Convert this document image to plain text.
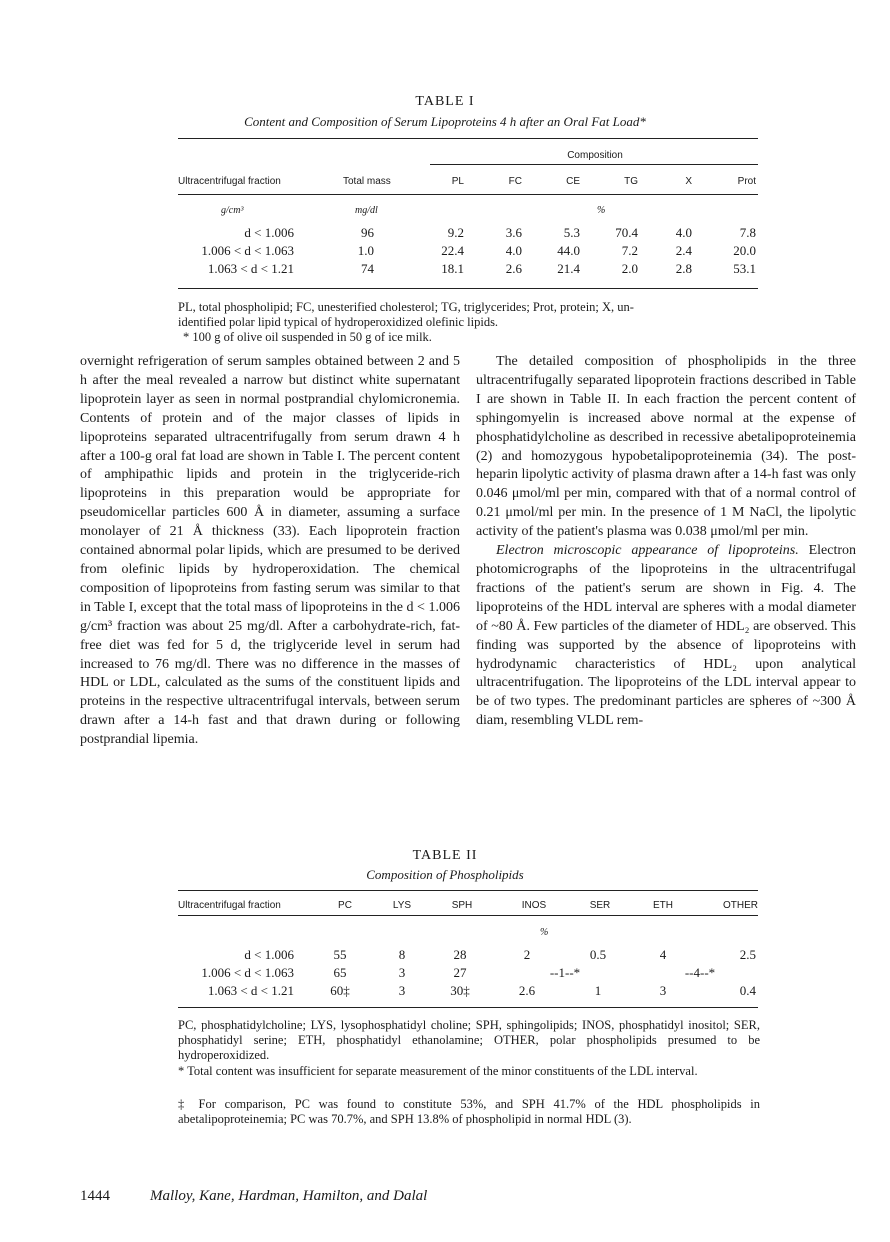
TABLE I
Content and Composition of Serum Lipoproteins 4 h after an Oral Fat Load*
Composition
Ultracentrifugal fraction	Total mass	PL	FC	CE	TG	X	Prot
g/cm³	mg/dl	%
d < 1.006	96	9.2	3.6	5.3	70.4	4.0	7.8
1.006 < d < 1.063	1.0	22.4	4.0	44.0	7.2	2.4	20.0
1.063 < d < 1.21	74	18.1	2.6	21.4	2.0	2.8	53.1
PL, total phospholipid; FC, unesterified cholesterol; TG, triglycerides; Prot, protein; X, un-
identified polar lipid typical of hydroperoxidized olefinic lipids.
* 100 g of olive oil suspended in 50 g of ice milk.

overnight refrigeration of serum samples obtained between 2 and 5 h after the meal revealed a narrow but distinct white supernatant lipoprotein layer as seen in normal postprandial chylomicronemia. Contents of protein and of the major classes of lipids in lipoproteins separated ultracentrifugally from serum drawn 4 h after a 100-g oral fat load are shown in Table I. The percent content of amphipathic lipids and protein in the triglyceride-rich lipoproteins in this preparation would be appropriate for pseudomicellar particles 600 Å in diameter, assuming a surface monolayer of 21 Å thickness (33). Each lipoprotein fraction contained abnormal polar lipids, which are presumed to be derived from olefinic lipids by hydroperoxidation. The chemical composition of lipoproteins from fasting serum was similar to that in Table I, except that the total mass of lipoproteins in the d < 1.006 g/cm³ fraction was about 25 mg/dl. After a carbohydrate-rich, fat-free diet was fed for 5 d, the triglyceride level in serum had increased to 76 mg/dl. There was no difference in the masses of HDL or LDL, calculated as the sums of the constituent lipids and proteins in the respective ultracentrifugal intervals, between serum drawn after a 14-h fast and that drawn during or following postprandial lipemia.

The detailed composition of phospholipids in the three ultracentrifugally separated lipoprotein fractions described in Table I are shown in Table II. In each fraction the percent content of sphingomyelin is increased above normal at the expense of phosphatidylcholine as described in recessive abetalipoproteinemia (2) and homozygous hypobetalipoproteinemia (34). The post-heparin lipolytic activity of plasma drawn after a 14-h fast was only 0.046 μmol/ml per min, compared with that of a normal control of 0.21 μmol/ml per min. In the presence of 1 M NaCl, the lipolytic activity of the patient's plasma was 0.038 μmol/ml per min.

Electron microscopic appearance of lipoproteins. Electron photomicrographs of the lipoproteins in the ultracentrifugal fractions of the patient's serum are shown in Fig. 4. The lipoproteins of the HDL interval are spheres with a modal diameter of ~80 Å. Few particles of the diameter of HDL₂ are observed. This finding was supported by the absence of lipoproteins with hydrodynamic characteristics of HDL₂ upon analytical ultracentrifugation. The lipoproteins of the LDL interval appear to be of two types. The predominant particles are spheres of ~300 Å diam, resembling VLDL rem-

TABLE II
Composition of Phospholipids
Ultracentrifugal fraction	PC	LYS	SPH	INOS	SER	ETH	OTHER
%
d < 1.006	55	8	28	2	0.5	4	2.5
1.006 < d < 1.063	65	3	27	--1--*	--4--*
1.063 < d < 1.21	60‡	3	30‡	2.6	1	3	0.4
PC, phosphatidylcholine; LYS, lysophosphatidyl choline; SPH, sphingolipids; INOS, phosphatidyl inositol; SER, phosphatidyl serine; ETH, phosphatidyl ethanolamine; OTHER, polar phospholipids presumed to be hydroperoxidized.
* Total content was insufficient for separate measurement of the minor constituents of the LDL interval.
‡ For comparison, PC was found to constitute 53%, and SPH 41.7% of the HDL phospholipids in abetalipoproteinemia; PC was 70.7%, and SPH 13.8% of phospholipid in normal HDL (3).
1444	Malloy, Kane, Hardman, Hamilton, and Dalal
